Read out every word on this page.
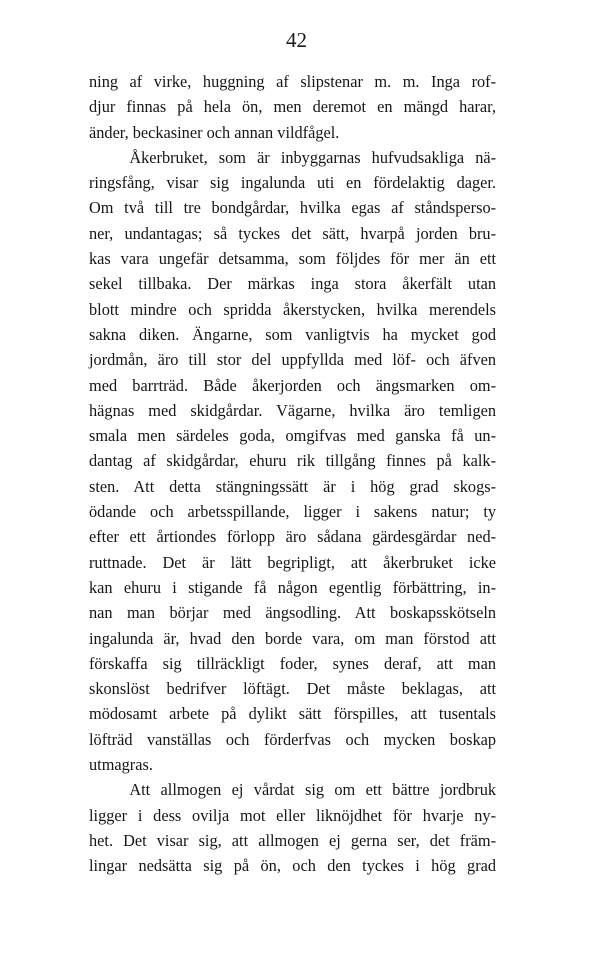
42
ning af virke, huggning af slipstenar m. m. Inga rof-
djur finnas på hela ön, men deremot en mängd harar,
änder, beckasiner och annan vildfågel.
Åkerbruket, som är inbyggarnas hufvudsakliga nä-
ringsfång, visar sig ingalunda uti en fördelaktig dager.
Om två till tre bondgårdar, hvilka egas af ståndsperso-
ner, undantagas; så tyckes det sätt, hvarpå jorden bru-
kas vara ungefär detsamma, som följdes för mer än ett
sekel tillbaka. Der märkas inga stora åkerfält utan
blott mindre och spridda åkerstycken, hvilka merendels
sakna diken. Ängarne, som vanligtvis ha mycket god
jordmån, äro till stor del uppfyllda med löf- och äfven
med barrträd. Både åkerjorden och ängsmarken om-
hägnas med skidgårdar. Vägarne, hvilka äro temligen
smala men särdeles goda, omgifvas med ganska få un-
dantag af skidgårdar, ehuru rik tillgång finnes på kalk-
sten. Att detta stängningssätt är i hög grad skogs-
ödande och arbetsspillande, ligger i sakens natur; ty
efter ett årtiondes förlopp äro sådana gärdesgärdar ned-
ruttnade. Det är lätt begripligt, att åkerbruket icke
kan ehuru i stigande få någon egentlig förbättring, in-
nan man börjar med ängsodling. Att boskapsskötseln
ingalunda är, hvad den borde vara, om man förstod att
förskaffa sig tillräckligt foder, synes deraf, att man
skonslöst bedrifver löftägt. Det måste beklagas, att
mödosamt arbete på dylikt sätt förspilles, att tusentals
löfträd vanställas och förderfvas och mycken boskap
utmagras.
Att allmogen ej vårdat sig om ett bättre jordbruk
ligger i dess ovilja mot eller liknöjdhet för hvarje ny-
het. Det visar sig, att allmogen ej gerna ser, det främ-
lingar nedsätta sig på ön, och den tyckes i hög grad
